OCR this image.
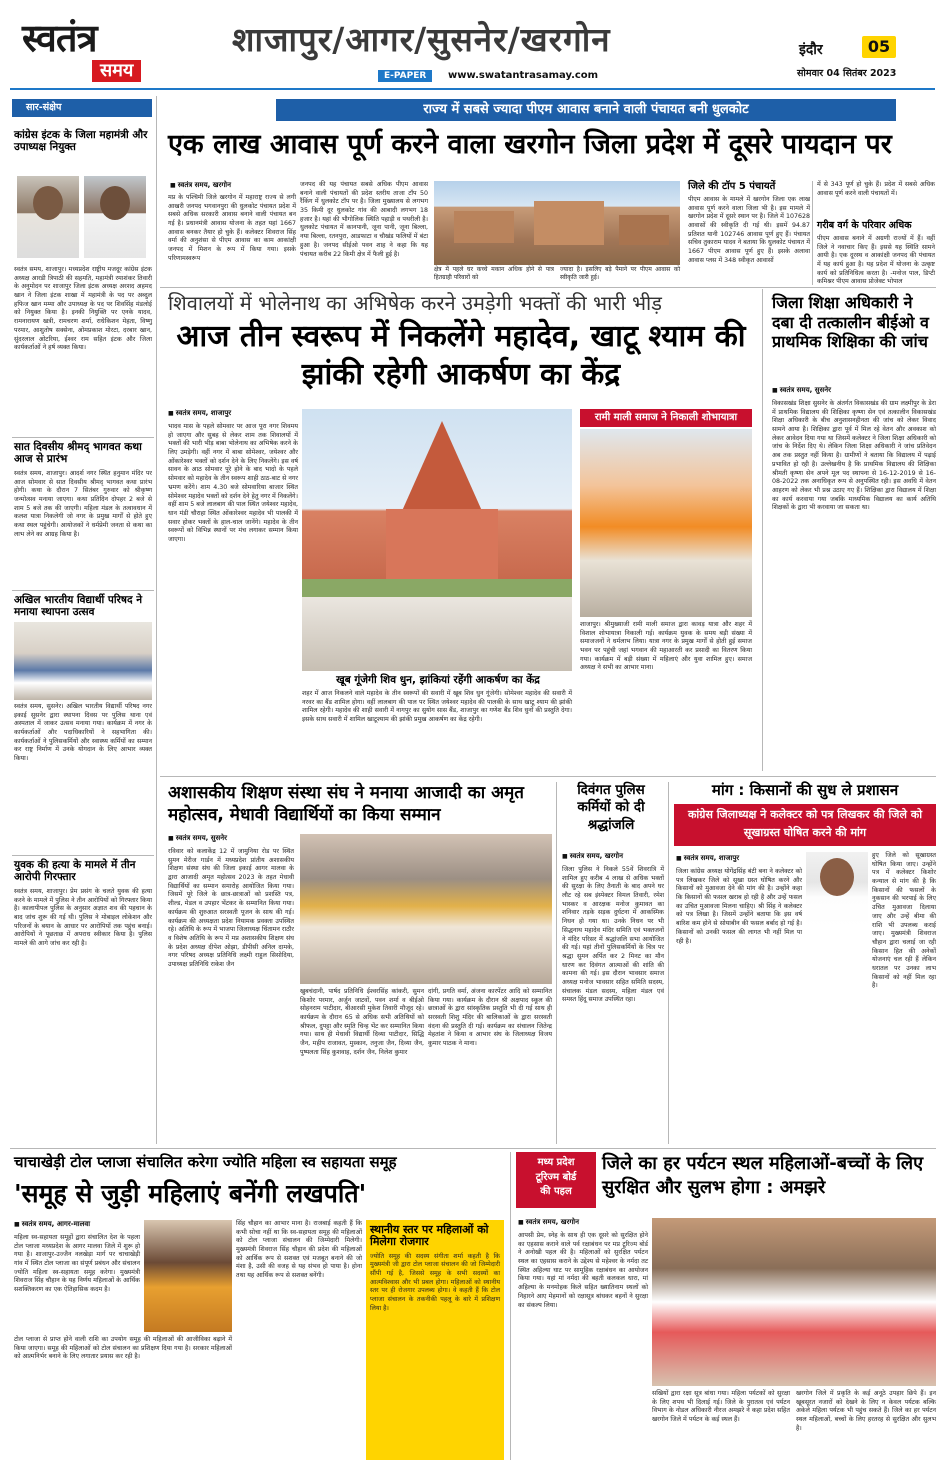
स्वतंत्र
समय
शाजापुर/आगर/सुसनेर/खरगोन
E-PAPER	www.swatantrasamay.com
इंदौर	05
सोमवार 04 सितंबर 2023
सार-संक्षेप
कांग्रेस इंटक के जिला महामंत्री और उपाध्यक्ष नियुक्त
स्वतंत्र समय, शाजापुर। मध्यप्रदेश राष्ट्रीय मजदूर कांग्रेस इंटक अध्यक्ष आरडी त्रिपाठी की सहमति, महामंत्री रमाशंकर तिवारी के अनुमोदन पर शाजापुर जिला इंटक अध्यक्ष अरशद अहमद खान ने जिला इंटक शाखा में महामंत्री के पद पर अब्दुल हफिज खान मम्मा और उपाध्यक्ष के पद पर शिवसिंह मंडलोई को नियुक्त किया है। इनकी नियुक्ति पर एनके यादव, रामनारायण खत्री, रामचरण शर्मा, राधेकिशन मेहता, विष्णु परमार, आशुतोष सक्सेना, ओमप्रकाश मोरटा, दरबार खान, सुंदरलाल ओटरिया, ईश्वर राम सहित इंटक और जिला कार्यकर्ताओं ने हर्ष व्यक्त किया।
सात दिवसीय श्रीमद् भागवत कथा आज से प्रारंभ
स्वतंत्र समय, शाजापुर। आदर्श नगर स्थित हनुमान मंदिर पर आज सोमवार से सात दिवसीय श्रीमद् भागवत कथा प्रारंभ होगी। कथा के दौरान 7 सितंबर गुरुवार को श्रीकृष्ण जन्मोत्सव मनाया जाएगा। कथा प्रतिदिन दोपहर 2 बजे से शाम 5 बजे तक की जाएगी। महिला मंडल के तत्वावधान में कलश यात्रा निकलेगी जो नगर के प्रमुख मार्गों से होते हुए कथा स्थल पहुंचेगी। आयोजकों ने धर्मप्रेमी जनता से कथा का लाभ लेने का आग्रह किया है।
अखिल भारतीय विद्यार्थी परिषद ने मनाया स्थापना उत्सव
स्वतंत्र समय, सुसनेर। अखिल भारतीय विद्यार्थी परिषद नगर इकाई सुसनेर द्वारा स्थापना दिवस पर पुलिस थाना एवं अस्पताल में जाकर उत्सव मनाया गया। कार्यक्रम में नगर के कार्यकर्ताओं और पदाधिकारियों ने सहभागिता की। कार्यकर्ताओं ने पुलिसकर्मियों और स्वास्थ्य कर्मियों का सम्मान कर राष्ट्र निर्माण में उनके योगदान के लिए आभार व्यक्त किया।
युवक की हत्या के मामले में तीन आरोपी गिरफ्तार
स्वतंत्र समय, शाजापुर। प्रेम प्रसंग के चलते युवक की हत्या करने के मामले में पुलिस ने तीन आरोपियों को गिरफ्तार किया है। कालापीपल पुलिस के अनुसार अज्ञात शव की पहचान के बाद जांच शुरू की गई थी। पुलिस ने मोबाइल लोकेशन और परिजनों के बयान के आधार पर आरोपियों तक पहुंच बनाई। आरोपियों ने पूछताछ में अपराध स्वीकार किया है। पुलिस मामले की आगे जांच कर रही है।
राज्य में सबसे ज्यादा पीएम आवास बनाने वाली पंचायत बनी धुलकोट
एक लाख आवास पूर्ण करने वाला खरगोन जिला प्रदेश में दूसरे पायदान पर
■ स्वतंत्र समय, खरगोन
मप्र के पश्चिमी जिले खरगोन में महाराष्ट्र राज्य से लगी आखरी जनपद भगवानपुरा की धुलकोट पंचायत प्रदेश में सबसे अधिक सरकारी आवास बनाने वाली पंचायत बन गई है। प्रधानमंत्री आवास योजना के तहत यहां 1667 आवास बनकर तैयार हो चुके हैं। कलेक्टर शिवराज सिंह वर्मा की अनुशंसा से पीएम आवास का काम आकांक्षी जनपद में मिशन के रूप में किया गया। इसके परिणामस्वरूप
जनपद की यह पंचायत सबसे अधिक पीएम आवास बनाने वाली पंचायतों की प्रदेश स्तरीय ताजा टॉप 50 रैंकिंग में धुलकोट टॉप पर है। जिला मुख्यालय से लगभग 35 किमी दूर धुलकोट गांव की आबादी लगभग 18 हजार है। यहां की भौगोलिक स्थिति पहाड़ी व पथरीली है। धुलकोट पंचायत में कानपानी, जूना पानी, जूना बिल्ला, नया बिल्ला, रतनपुरा, आडफाटा व चौखंड फलियों में बंटा हुआ है। जनपद सीईओ पवन शाह ने कहा कि यह पंचायत करीब 22 किमी क्षेत्र में फैली हुई है।
क्षेत्र में पहले घर कच्चे मकान अधिक होने से पात्र हितग्राही परिवारों को
ज्यादा है। इसलिए बड़े पैमाने पर पीएम आवास को स्वीकृति जारी हुई।
जिले की टॉप 5 पंचायतें
पीएम आवास के मामले में खरगोन जिला एक लाख आवास पूर्ण करने वाला जिला भी है। इस मामले में खरगोन प्रदेश में दूसरे स्थान पर है। जिले में 107628 आवासों की स्वीकृति दी गई थी। इसमें 94.87 प्रतिशत यानी 102746 आवास पूर्ण हुए हैं। पंचायत सचिव तुकाराम यादव ने बताया कि धुलकोट पंचायत में 1667 पीएम आवास पूर्ण हुए हैं। इसके अलावा आवास प्लस में 348 स्वीकृत आवासों
में से 343 पूर्ण हो चुके हैं। प्रदेश में सबसे अधिक आवास पूर्ण करने वाली पंचायतों में।
गरीब वर्ग के परिवार अधिक
पीएम आवास बनाने में अग्रणी राज्यों में हैं। वहीं जिले ने नवाचार किए हैं। इससे यह स्थिति सामने आयी है। एक दूरस्थ व आकांक्षी जनपद की पंचायत में यह कार्य हुआ है। यह प्रदेश में योजना के उत्कृष्ट कार्य को प्रतिनिधित्व करता है। -मनोज पाल, डिप्टी कमिश्नर पीएम आवास प्रोजेक्ट भोपाल
शिवालयों में भोलेनाथ का अभिषेक करने उमड़ेगी भक्तों की भारी भीड़
आज तीन स्वरूप में निकलेंगे महादेव, खाटू श्याम की झांकी रहेगी आकर्षण का केंद्र
■ स्वतंत्र समय, शाजापुर
भादव मास के पहले सोमवार पर आज पूरा नगर शिवमय हो जाएगा और सुबह से लेकर शाम तक शिवालयों में भक्तों की भारी भीड़ बाबा भोलेनाथ का अभिषेक करने के लिए उमड़ेगी। वहीं नगर में बाबा सोमेश्वर, जयेश्वर और ओंकारेश्वर भक्तों को दर्शन देने के लिए निकलेंगे। इस वर्ष सावन के आठ सोमवार पूरे होने के बाद भादो के पहले सोमवार को महादेव के तीन स्वरूप शाही ठाठ-बाट से नगर भ्रमण करेंगे। शाम 4.30 बजे सोमवारिया बाजार स्थित सोमेश्वर महादेव भक्तों को दर्शन देने हेतु नगर में निकलेंगे। वहीं शाम 5 बजे लालबाग की पाल स्थित जयेश्वर महादेव, धान मंडी चौराहा स्थित ओंकारेश्वर महादेव भी पालकी में सवार होकर भक्तों के हाल-चाल जानेंगे। महादेव के तीन स्वरूपों को विभिन्न स्थानों पर मंच लगाकर सम्मान किया जाएगा।
खूब गूंजेगी शिव धुन, झांकियां रहेंगी आकर्षण का केंद्र
शहर में आज निकलने वाले महादेव के तीन स्वरूपों की सवारी में खूब शिव धुन गूंजेगी। सोमेश्वर महादेव की सवारी में नरवर का बैंड शामिल होगा। वहीं लालबाग की पाल पर स्थित जयेश्वर महादेव की पालकी के साथ खाटू श्याम की झांकी शामिल रहेगी। महादेव की शाही सवारी में नागपुर का सुयोग सास बैंड, शाजापुर का गणेश बैंड शिव धुनों की प्रस्तुति देगा। इसके साथ सवारी में शामिल खाटूश्याम की झांकी प्रमुख आकर्षण का केंद्र रहेगी।
रामी माली समाज ने निकाली शोभायात्रा
शाजापुर। श्रीमुख्याजी रामी माली समाज द्वारा कावड़ यात्रा और शहर में विशाल शोभायात्रा निकाली गई। कार्यक्रम युवक के समय बड़ी संख्या में समाजजनों ने धर्मलाभ लिया। यात्रा नगर के प्रमुख मार्गों से होती हुई समाज भवन पर पहुंची जहां भगवान की महाआरती कर प्रसादी का वितरण किया गया। कार्यक्रम में बड़ी संख्या में महिलाएं और युवा शामिल हुए। समाज अध्यक्ष ने सभी का आभार माना।
जिला शिक्षा अधिकारी ने दबा दी तत्कालीन बीईओ व प्राथमिक शिक्षिका की जांच
■ स्वतंत्र समय, सुसनेर
विकासखंड शिक्षा सुसनेर के अंतर्गत विकासखंड की ग्राम लक्ष्मीपुर के डेरा में प्राथमिक विद्यालय की शिक्षिका कृष्णा सेन एवं तत्कालीन विकासखंड शिक्षा अधिकारी के बीच अनुशासनहीनता की जांच को लेकर विवाद सामने आया है। शिक्षिका द्वारा पूर्व में मिल रहे वेतन और अवकाश को लेकर आवेदन दिया गया था जिसमें कलेक्टर ने जिला शिक्षा अधिकारी को जांच के निर्देश दिए थे। लेकिन जिला शिक्षा अधिकारी ने जांच प्रतिवेदन अब तक प्रस्तुत नहीं किया है। ग्रामीणों ने बताया कि विद्यालय में पढ़ाई प्रभावित हो रही है। उल्लेखनीय है कि प्राथमिक विद्यालय की शिक्षिका श्रीमती कृष्णा सेन अपने मूल पद स्थापना से 16-12-2019 से 16-08-2022 तक अनाधिकृत रूप से अनुपस्थित रही। इस अवधि में वेतन आहरण को लेकर भी प्रश्न उठाए गए हैं। शिक्षिका द्वारा विद्यालय में शिक्षा का कार्य करवाया गया जबकि माध्यमिक विद्यालय का कार्य अतिथि शिक्षकों के द्वारा भी करवाया जा सकता था।
अशासकीय शिक्षण संस्था संघ ने मनाया आजादी का अमृत महोत्सव, मेधावी विद्यार्थियों का किया सम्मान
■ स्वतंत्र समय, सुसनेर
रविवार को कलाकेंद्र 12 में जामुनिया रोड पर स्थित सुमन मेरीज गार्डन में मध्यप्रदेश प्रांतीय अशासकीय शिक्षण संस्था संघ की जिला इकाई आगर मालवा के द्वारा आजादी अमृत महोत्सव 2023 के तहत मेधावी विद्यार्थियों का सम्मान समारोह आयोजित किया गया। जिसमें पूरे जिले के छात्र-छात्राओं को प्रशस्ति पत्र, शील्ड, मेडल व उपहार भेंटकर के सम्मानित किया गया। कार्यक्रम की शुरुआत सरस्वती पूजन के साथ की गई। कार्यक्रम की अध्यक्षता प्रदेश नियामक प्रवक्ता उपस्थित रहे। अतिथि के रूप में भाजपा जिलाध्यक्ष चिंतामन राठौर व विशेष अतिथि के रूप में मप्र अशासकीय शिक्षण संघ के प्रदेश अध्यक्ष दीपेश ओझा, डीपीसी अनिल दामके, नगर परिषद अध्यक्ष प्रतिनिधि लक्ष्मी राहुल सिसोदिया, उपाध्यक्ष प्रतिनिधि राकेश जैन
खुबचंदानी, पार्षद प्रतिनिधि ईश्वरसिंह कांकरी, सुमन किशोर परमार, अर्जुन जाटवों, पवन शर्मा व बीईओ सोहनराम पाटीदार, बीआरसी मुकेश तिवारी मौजूद रहे। कार्यक्रम के दौरान 65 से अधिक सभी अतिथियों को श्रीफल, दुपट्टा और स्मृति चिन्ह भेंट कर सम्मानित किया गया। साथ ही मेधावी विद्यार्थी दिव्या पाटीदार, सिद्धि जैन, महीप राजावत, मुस्कान, तनुजा जैन, दिव्या जैन, पुष्पलता सिंह कुशवाह, दर्शन जैन, निलेश कुमार
दांगी, प्रगति वर्मा, अंजना कारपेंटर आदि को सम्मानित किया गया। कार्यक्रम के दौरान श्री अक्षपाद स्कूल की छात्राओं के द्वारा सांस्कृतिक प्रस्तुति भी दी गई साथ ही सरस्वती शिशु मंदिर की बालिकाओं के द्वारा सरस्वती वंदना की प्रस्तुति दी गई। कार्यक्रम का संचालन जितेन्द्र मेहतांश ने किया व आभार संघ के जिलाध्यक्ष विजय कुमार पाठक ने माना।
दिवंगत पुलिस कर्मियों को दी श्रद्धांजलि
■ स्वतंत्र समय, खरगोन
जिला पुलिस ने निकले 55वें शिवरात्रि में शामिल हुए करीब 4 लाख से अधिक भक्तों की सुरक्षा के लिए तैनाती के बाद अपने घर लौट रहे सब इंस्पेक्टर विमल तिवारी, रमेश भास्कर व आरक्षक मनोज कुमावत का शनिवार तड़के सड़क दुर्घटना में आकस्मिक निधन हो गया था। उनके निधन पर भी सिद्धनाथ महादेव मंदिर समिति एवं भक्तजनों ने मंदिर परिसर में श्रद्धांजलि सभा आयोजित की गई। यहां तीनों पुलिसकर्मियों के चित्र पर श्रद्धा सुमन अर्पित कर 2 मिनट का मौन धारण कर दिवंगत आत्माओं की शांति की कामना की गई। इस दौरान भावसार समाज अध्यक्ष मनोज भावसार सहित समिति सदस्य, संचालक मंडल सदस्य, महिला मंडल एवं समस्त हिंदू समाज उपस्थित रहा।
मांग : किसानों की सुध ले प्रशासन
कांग्रेस जिलाध्यक्ष ने कलेक्टर को पत्र लिखकर की जिले को सूखाग्रस्त घोषित करने की मांग
■ स्वतंत्र समय, शाजापुर
जिला कांग्रेस अध्यक्ष योगेंद्रसिंह बंटी बना ने कलेक्टर को पत्र लिखकर जिले को सूखा ग्रस्त घोषित करने और किसानों को मुआवजा देने की मांग की है। उन्होंने कहा कि किसानों की फसल खराब हो रही है और उन्हें फसल का उचित मुआवजा मिलना चाहिए। श्री सिंह ने कलेक्टर को पत्र लिखा है। जिसमें उन्होंने बताया कि इस वर्ष बारिश कम होने से सोयाबीन की फसल बर्बाद हो गई है। किसानों को उनकी फसल की लागत भी नहीं मिल पा रही है।
हुए जिले को सूखाग्रस्त घोषित किया जाए। उन्होंने पत्र में कलेक्टर किशोर कन्याल से मांग की है कि किसानों की फसलों के नुकसान की भरपाई के लिए उचित मुआवजा दिलाया जाए और उन्हें बीमा की राशि भी उपलब्ध कराई जाए। मुख्यमंत्री शिवराज चौहान द्वारा चलाई जा रही किसान हित की अनेकों योजनाएं चल रही हैं लेकिन धरातल पर उनका लाभ किसानों को नहीं मिल रहा है।
चाचाखेड़ी टोल प्लाजा संचालित करेगा ज्योति महिला स्व सहायता समूह
'समूह से जुड़ी महिलाएं बनेंगी लखपति'
■ स्वतंत्र समय, आगर-मालवा
महिला स्व-सहायता समूहों द्वारा संचालित देश के पहला टोल प्लाजा मध्यप्रदेश के आगर मालवा जिले में शुरू हो गया है। शाजापुर-उज्जैन नलखेड़ा मार्ग पर चाचाखेड़ी गांव में स्थित टोल प्लाजा का संपूर्ण प्रबंधन और संचालन ज्योति महिला स्व-सहायता समूह करेगा। मुख्यमंत्री शिवराज सिंह चौहान के यह निर्णय महिलाओं के आर्थिक सशक्तिकरण का एक ऐतिहासिक कदम है।
सिंह चौहान का आभार माना है। राजबाई कहती हैं कि कभी सोचा नहीं था कि स्व-सहायता समूह की महिलाओं को टोल प्लाजा संचालन की जिम्मेदारी मिलेगी। मुख्यमंत्री शिवराज सिंह चौहान की प्रदेश की महिलाओं को आर्थिक रूप से सशक्त एवं मजबूत बनाने की जो मंशा है, उसी की वजह से यह संभव हो पाया है। होना तथा यह आर्थिक रूप से सशक्त बनेंगी।
टोल प्लाजा से प्राप्त होने वाली राशि का उपयोग समूह की महिलाओं की आजीविका बढ़ाने में किया जाएगा। समूह की महिलाओं को टोल संचालन का प्रशिक्षण दिया गया है। सरकार महिलाओं को आत्मनिर्भर बनाने के लिए लगातार प्रयास कर रही है।
स्थानीय स्तर पर महिलाओं को मिलेगा रोजगार
ज्योति समूह की सदस्य संगीता शर्मा कहती है कि मुख्यमंत्री जी द्वारा टोल प्लाजा संचालन की जो जिम्मेदारी सौंपी गई है, जिससे समूह के सभी सदस्यों का आत्मविश्वास और भी प्रबल होगा। महिलाओं को स्थानीय स्तर पर ही रोजगार उपलब्ध होगा। वे कहती हैं कि टोल प्लाजा संचालन के तकनीकी पहलू के बारे में प्रशिक्षण लिया है।
मध्य प्रदेश
टूरिज्म बोर्ड
की पहल
जिले का हर पर्यटन स्थल महिलाओं-बच्चों के लिए सुरक्षित और सुलभ होगा : अमझरे
■ स्वतंत्र समय, खरगोन
आपसी प्रेम, स्नेह के साथ ही एक दूसरे को सुरक्षित होने का एहसास कराने वाले पर्व रक्षाबंधन पर मप्र टूरिज्म बोर्ड ने अनोखी पहल की है। महिलाओं को सुरक्षित पर्यटन स्थल का एहसास कराने के उद्देश्य से महेश्वर के नर्मदा तट स्थित अहिल्या घाट पर सामूहिक रक्षाबंधन का आयोजन किया गया। यहां मां नर्मदा की बहती कलकल धारा, मां अहिल्या के मनमोहक किले सहित ख्यातिनाम स्थलों को निहारने आए मेहमानों को रक्षासूत्र बांधकर बहनों ने सुरक्षा का संकल्प लिया।
सखियों द्वारा रक्षा सूत्र बांधा गया। महिला पर्यटकों को सुरक्षा के लिए शपथ भी दिलाई गई। जिले के पुरातत्व एवं पर्यटन विभाग के नोडल अधिकारी नीरज अमझरे ने कहा प्रदेश सहित खरगोन जिले में पर्यटन के कई स्थल हैं।
खरगोन जिले में प्रकृति के कई अनूठे उपहार छिपे हैं। इन खूबसूरत नजारों को देखने के लिए न केवल पर्यटक बल्कि अकेले महिला पर्यटक भी पहुंच सकते हैं। जिले का हर पर्यटन स्थल महिलाओं, बच्चों के लिए हरतरह से सुरक्षित और सुलभ है।
